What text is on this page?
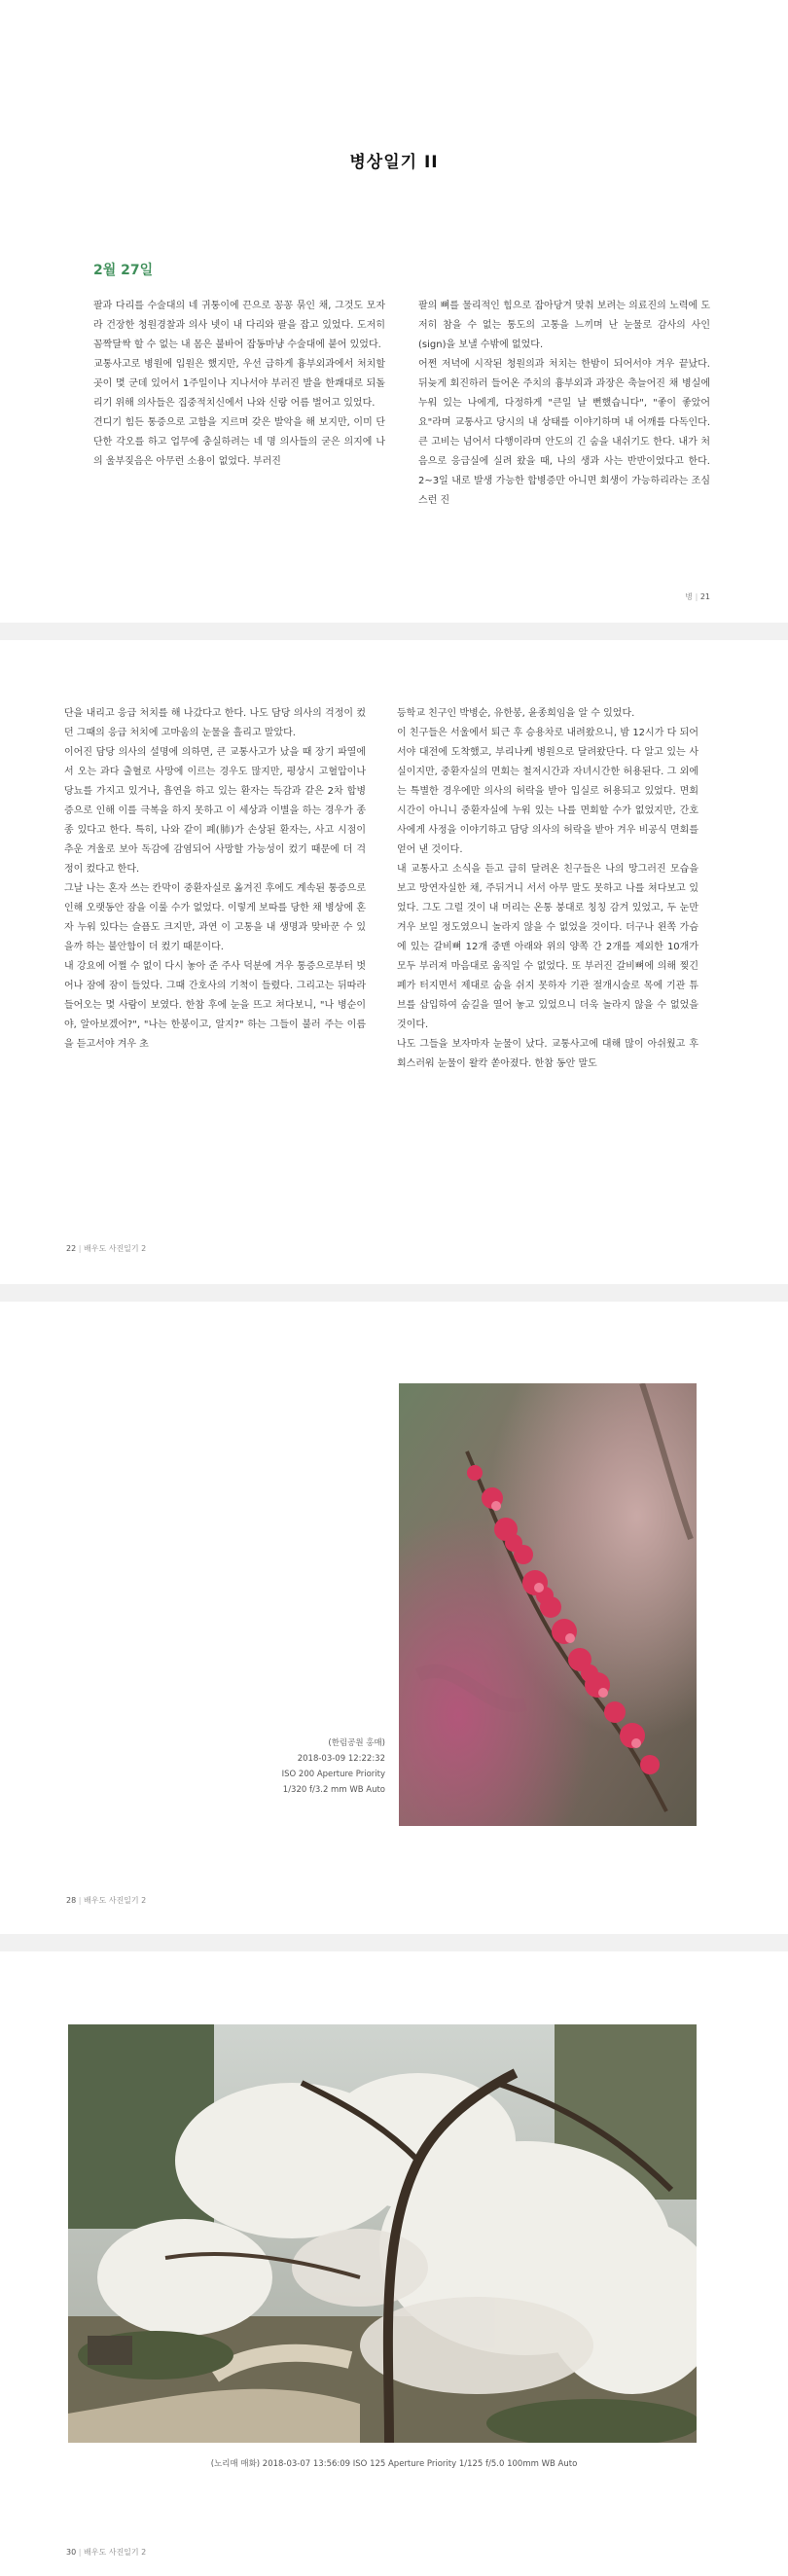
병상일기 II
2월 27일

팔과 다리를 수술대의 네 귀퉁이에 끈으로 꽁꽁 묶인 채, 그것도 모자라 건장한 청원경찰과 의사 넷이 내 다리와 팔을 잡고 있었다. 도저히 꼼짝달싹 할 수 없는 내 몸은 불바어 잡동마냥 수술대에 붙어 있었다.

교통사고로 병원에 입원은 했지만, 우선 급하게 흉부외과에서 처치할 곳이 몇 군데 있어서 1주일이나 지나서야 부러진 발을 한쾌대로 되돌리기 위해 의사들은 집중적치신에서 나와 신랑 어름 벌어고 있었다.

견디기 힘든 통증으로 고함을 지르며 갖은 발악을 해 보지만, 이미 단단한 각오를 하고 업무에 충실하려는 네 명 의사들의 굳은 의지에 나의 울부짖음은 아무런 소용이 없었다. 부러진

팔의 뼈를 물리적인 힘으로 잡아당겨 맞춰 보려는 의료진의 노력에 도저히 참을 수 없는 통도의 고통을 느끼며 난 눈물로 감사의 사인(sign)을 보낼 수밖에 없었다.

어쩐 저녁에 시작된 청원의과 처치는 한밤이 되어서야 겨우 끝났다. 뒤늦게 회진하러 들어온 주치의 흉부외과 과장은 축늘어진 채 병실에 누워 있는 나에게, 다정하게 "큰일 날 뻔했습니다", "좋이 좋았어요"라며 교통사고 당시의 내 상태를 이야기하며 내 어깨를 다독인다. 큰 고비는 넘어서 다행이라며 안도의 긴 숨을 내쉬기도 한다. 내가 처음으로 응급실에 실려 왔을 때, 나의 생과 사는 반반이었다고 한다. 2~3일 내로 발생 가능한 합병증만 아니면 회생이 가능하리라는 조심스런 진

병 | 21

단을 내리고 응급 처치를 해 나갔다고 한다. 나도 담당 의사의 걱정이 컸던 그때의 응급 처치에 고마움의 눈물을 흘리고 말았다.

이어진 담당 의사의 설명에 의하면, 큰 교통사고가 났을 때 장기 파열에서 오는 과다 출혈로 사망에 이르는 경우도 많지만, 평상시 고혈압이나 당뇨를 가지고 있거나, 흡연을 하고 있는 환자는 득감과 같은 2차 합병증으로 인해 이를 극복을 하지 못하고 이 세상과 이별을 하는 경우가 종종 있다고 한다. 특히, 나와 같이 폐(肺)가 손상된 환자는, 사고 시점이 추운 겨울로 보아 독감에 감염되어 사망할 가능성이 컸기 때문에 더 걱정이 컸다고 한다.

그날 나는 혼자 쓰는 칸막이 중환자실로 옮겨진 후에도 계속된 통증으로 인해 오랫동안 잠을 이룰 수가 없었다. 이렇게 보따를 당한 채 병상에 혼자 누워 있다는 슬픔도 크지만, 과연 이 고통을 내 생명과 맞바꾼 수 있을까 하는 불안함이 더 컸기 때문이다.

내 강요에 어쩔 수 없이 다시 놓아 준 주사 덕분에 겨우 통증으로부터 벗어나 잠에 잠이 들었다. 그때 간호사의 기척이 들렸다. 그리고는 뒤따라 들어오는 몇 사람이 보였다. 한참 후에 눈을 뜨고 쳐다보니, "나 병순이야, 알아보겠어?", "나는 한봉이고, 알지?" 하는 그들이 불러 주는 이름을 듣고서야 겨우 초

등학교 친구인 박병순, 유한봉, 윤종희임을 알 수 있었다.

이 친구들은 서울에서 퇴근 후 승용차로 내려왔으니, 밤 12시가 다 되어서야 대전에 도착했고, 부리나케 병원으로 달려왔단다. 다 알고 있는 사실이지만, 중환자실의 면회는 철저시간과 자녀시간한 허용된다. 그 외에는 특별한 경우에만 의사의 허락을 받아 입실로 허용되고 있었다. 면회 시간이 아니니 중환자실에 누워 있는 나를 면회할 수가 없었지만, 간호사에게 사정을 이야기하고 담당 의사의 허락을 받아 겨우 비공식 면회를 얻어 낸 것이다.

내 교통사고 소식을 듣고 급히 달려온 친구들은 나의 망그러진 모습을 보고 망연자실한 채, 주뒤거니 서서 아무 말도 못하고 나를 쳐다보고 있었다. 그도 그럴 것이 내 머리는 온통 붕대로 칭칭 감겨 있었고, 두 눈만 겨우 보일 정도였으니 놀라지 않을 수 없었을 것이다. 더구나 왼쪽 가슴에 있는 갈비뼈 12개 중맨 아래와 위의 양쪽 간 2개를 제외한 10개가 모두 부러져 마음대로 움직일 수 없었다. 또 부러진 갈비뼈에 의해 찢긴 폐가 터지면서 제대로 숨을 쉬지 못하자 기관 절개시술로 목에 기관 튜브를 삽입하여 숨길을 열어 놓고 있었으니 더욱 놀라지 않을 수 없었을 것이다.

나도 그들을 보자마자 눈물이 났다. 교통사고에 대해 많이 아쉬웠고 후회스러워 눈물이 왈칵 쏟아졌다. 한참 동안 말도

22 | 배우도 사진일기 2
(한림공원 홍매)
2018-03-09 12:22:32
ISO 200 Aperture Priority
1/320 f/3.2 mm WB Auto
28 | 배우도 사진일기 2
(노리매 매화) 2018-03-07 13:56:09 ISO 125 Aperture Priority 1/125 f/5.0 100mm WB Auto
30 | 배우도 사진일기 2
